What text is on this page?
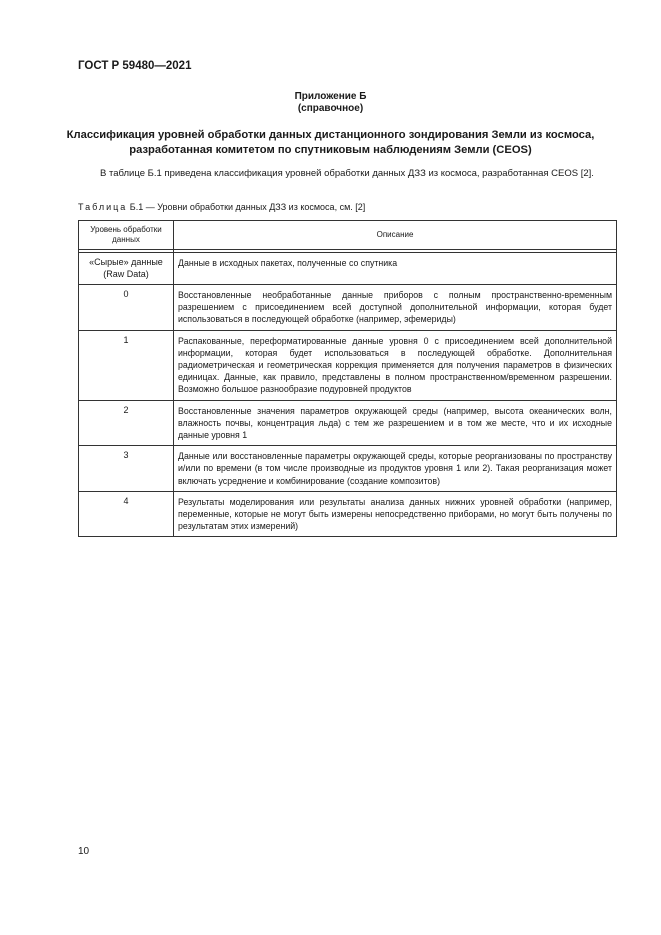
ГОСТ Р 59480—2021
Приложение Б
(справочное)
Классификация уровней обработки данных дистанционного зондирования Земли из космоса,
разработанная комитетом по спутниковым наблюдениям Земли (CEOS)
В таблице Б.1 приведена классификация уровней обработки данных ДЗЗ из космоса, разработанная CEOS [2].
Таблица Б.1 — Уровни обработки данных ДЗЗ из космоса, см. [2]
Уровень обработки данных	Описание

«Сырые» данные (Raw Data)	Данные в исходных пакетах, полученные со спутника
0	Восстановленные необработанные данные приборов с полным пространственно-временным разрешением с присоединением всей доступной дополнительной информации, которая будет использоваться в последующей обработке (например, эфемериды)
1	Распакованные, переформатированные данные уровня 0 с присоединением всей дополнительной информации, которая будет использоваться в последующей обработке. Дополнительная радиометрическая и геометрическая коррекция применяется для получения параметров в физических единицах. Данные, как правило, представлены в полном пространственном/временном разрешении. Возможно большое разнообразие подуровней продуктов
2	Восстановленные значения параметров окружающей среды (например, высота океанических волн, влажность почвы, концентрация льда) с тем же разрешением и в том же месте, что и их исходные данные уровня 1
3	Данные или восстановленные параметры окружающей среды, которые реорганизованы по пространству и/или по времени (в том числе производные из продуктов уровня 1 или 2). Такая реорганизация может включать усреднение и комбинирование (создание композитов)
4	Результаты моделирования или результаты анализа данных нижних уровней обработки (например, переменные, которые не могут быть измерены непосредственно приборами, но могут быть получены по результатам этих измерений)
10
